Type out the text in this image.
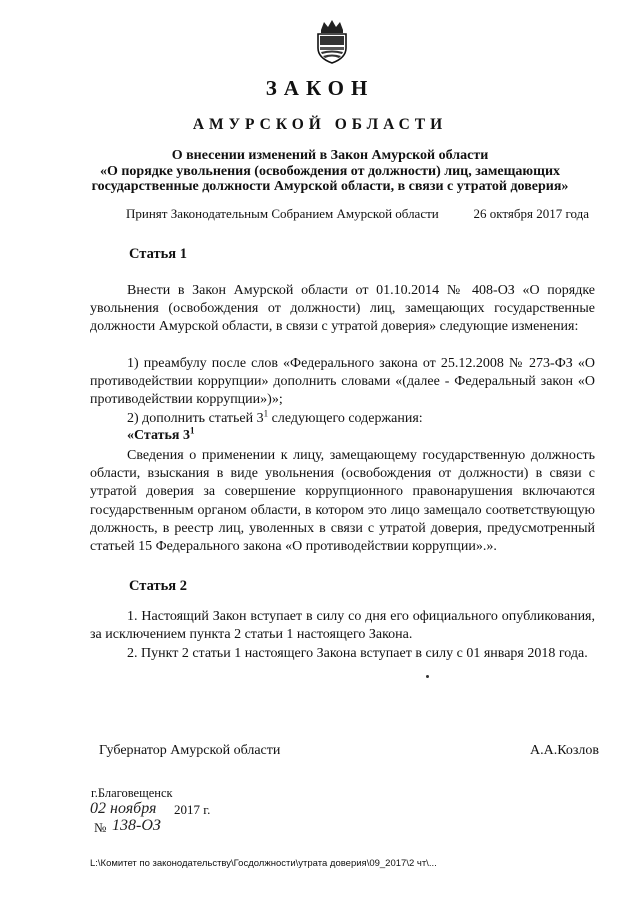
ЗАКОН
АМУРСКОЙ ОБЛАСТИ
О внесении изменений в Закон Амурской области
«О порядке увольнения (освобождения от должности) лиц, замещающих
государственные должности Амурской области, в связи с утратой доверия»
Принят Законодательным Собранием Амурской области	26 октября 2017 года
Статья 1
Внести в Закон Амурской области от 01.10.2014 № 408-ОЗ «О порядке увольнения (освобождения от должности) лиц, замещающих государственные должности Амурской области, в связи с утратой доверия» следующие изменения:
1) преамбулу после слов «Федерального закона от 25.12.2008 № 273-ФЗ «О противодействии коррупции» дополнить словами «(далее - Федеральный закон «О противодействии коррупции»)»;
2) дополнить статьей $3^1$ следующего содержания:
«Статья $3^1$
Сведения о применении к лицу, замещающему государственную должность области, взыскания в виде увольнения (освобождения от должности) в связи с утратой доверия за совершение коррупционного правонарушения включаются государственным органом области, в котором это лицо замещало соответствующую должность, в реестр лиц, уволенных в связи с утратой доверия, предусмотренный статьей 15 Федерального закона «О противодействии коррупции».».
Статья 2
1. Настоящий Закон вступает в силу со дня его официального опубликования, за исключением пункта 2 статьи 1 настоящего Закона.
2. Пункт 2 статьи 1 настоящего Закона вступает в силу с 01 января 2018 года.
Губернатор Амурской области	А.А.Козлов
г.Благовещенск
02 ноября 2017 г.
№ 138-ОЗ
L:\Комитет по законодательству\Госдолжности\утрата доверия\09_2017\2 чт\...
